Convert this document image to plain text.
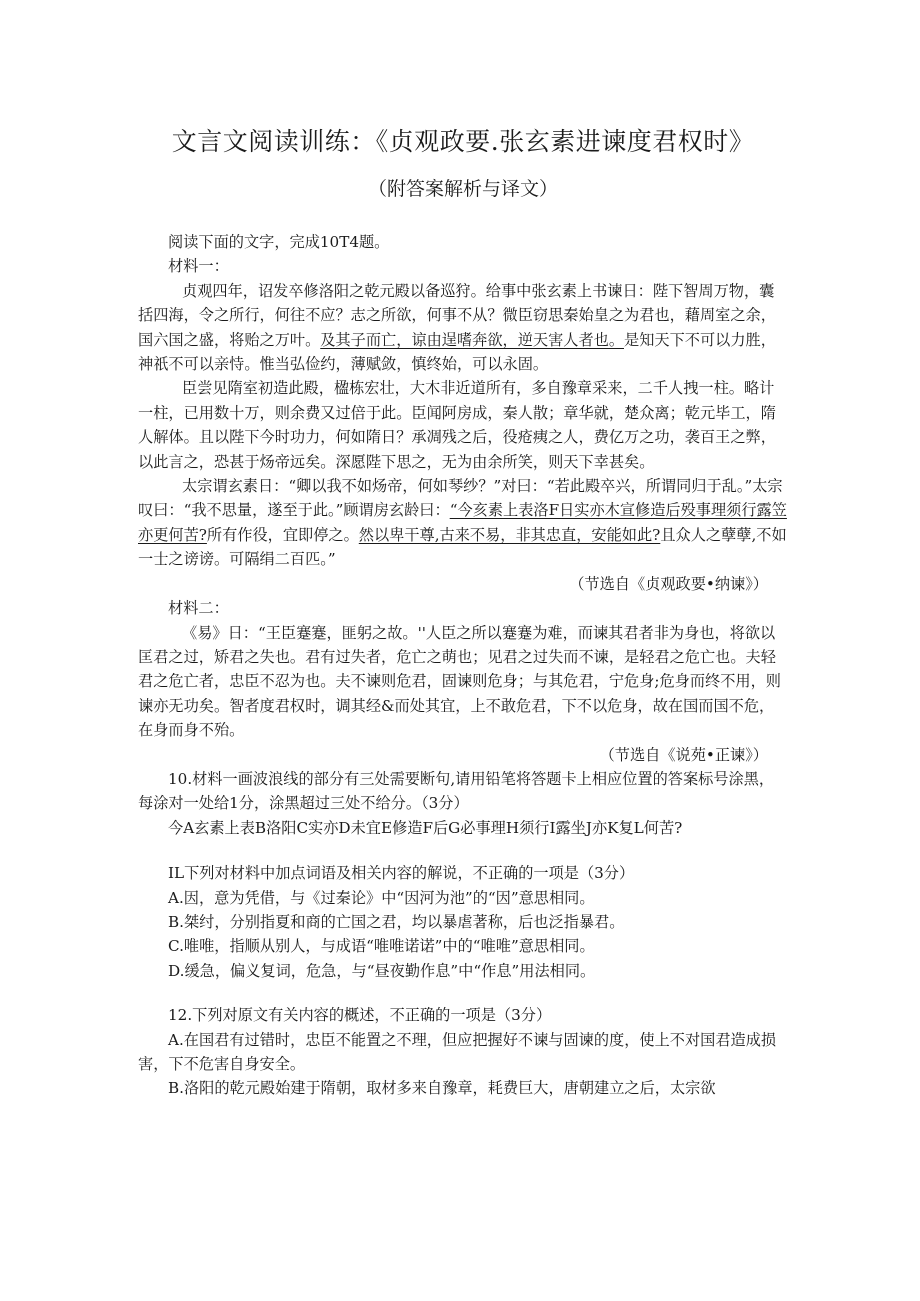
文言文阅读训练：《贞观政要.张玄素进谏度君权时》
（附答案解析与译文）

阅读下面的文字，完成10T4题。

材料一：

贞观四年，诏发卒修洛阳之乾元殿以备巡狩。给事中张玄素上书谏日：陛下智周万物，囊括四海，令之所行，何往不应？志之所欲，何事不从？微臣窃思秦始皇之为君也，藉周室之余，国六国之盛，将贻之万叶。及其子而亡，谅由逞嗜奔欲，逆天害人者也。是知天下不可以力胜，神祇不可以亲恃。惟当弘俭约，薄赋敛，慎终始，可以永固。

臣尝见隋室初造此殿，楹栋宏壮，大木非近道所有，多自豫章采来，二千人拽一柱。略计一柱，已用数十万，则余费又过倍于此。臣闻阿房成，秦人散；章华就，楚众离；乾元毕工，隋人解体。且以陛下今时功力，何如隋日？承凋残之后，役疮痍之人，费亿万之功，袭百王之弊，以此言之，恐甚于炀帝远矣。深愿陛下思之，无为由余所笑，则天下幸甚矣。

太宗谓玄素日：“卿以我不如炀帝，何如琴纱？”对曰：“若此殿卒兴，所谓同归于乱。”太宗叹曰：“我不思量，遂至于此。”顾谓房玄龄曰：“今亥素上表洛F日实亦木宣修造后殁事理须行露笠亦更何苦?所有作役，宜即停之。然以卑干尊,古来不易，非其忠直，安能如此?且众人之孽孽,不如一士之谤谤。可隔绢二百匹。”

（节选自《贞观政要•纳谏》）

材料二：

《易》日：“王臣蹇蹇，匪躬之故。''人臣之所以蹇蹇为难，而谏其君者非为身也，将欲以匡君之过，矫君之失也。君有过失者，危亡之萌也；见君之过失而不谏，是轻君之危亡也。夫轻君之危亡者，忠臣不忍为也。夫不谏则危君，固谏则危身；与其危君，宁危身;危身而终不用，则谏亦无功矣。智者度君权时，调其经&而处其宜，上不敢危君，下不以危身，故在国而国不危，在身而身不殆。

（节选自《说苑•正谏》）

10.材料一画波浪线的部分有三处需要断句,请用铅笔将答题卡上相应位置的答案标号涂黑，每涂对一处给1分，涂黑超过三处不给分。（3分）

今A玄素上表B洛阳C实亦D未宜E修造F后G必事理H须行I露坐J亦K复L何苦?

IL下列对材料中加点词语及相关内容的解说，不正确的一项是（3分）

A.因，意为凭借，与《过秦论》中“因河为池”的“因”意思相同。

B.桀纣，分别指夏和商的亡国之君，均以暴虐著称，后也泛指暴君。

C.唯唯，指顺从别人，与成语“唯唯诺诺”中的“唯唯”意思相同。

D.缓急，偏义复词，危急，与“昼夜勤作息”中“作息”用法相同。

12.下列对原文有关内容的概述，不正确的一项是（3分）

A.在国君有过错时，忠臣不能置之不理，但应把握好不谏与固谏的度，使上不对国君造成损害，下不危害自身安全。

B.洛阳的乾元殿始建于隋朝，取材多来自豫章，耗费巨大，唐朝建立之后，太宗欲
